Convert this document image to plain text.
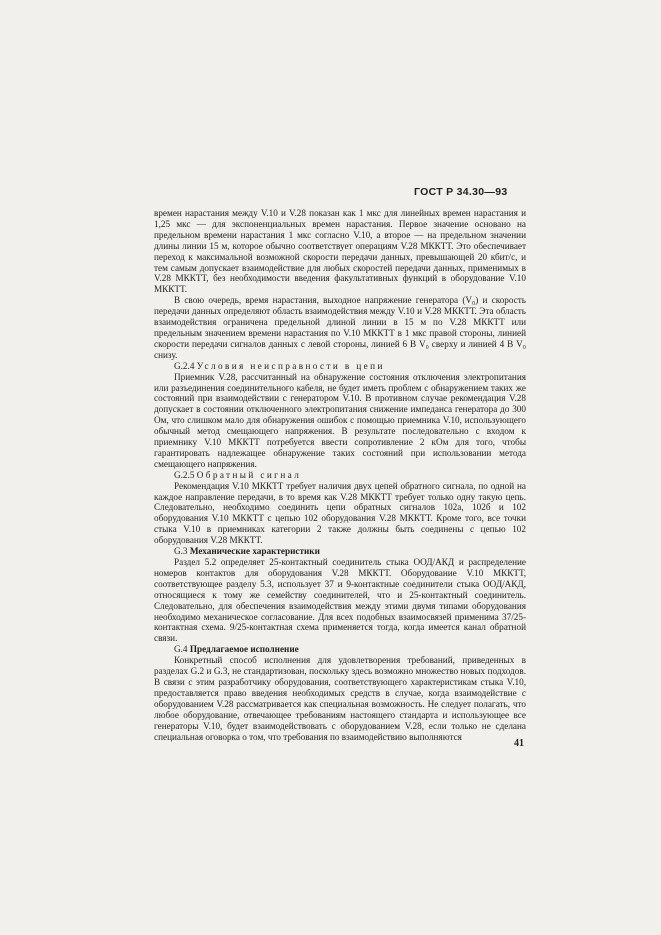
ГОСТ Р 34.30—93

времен нарастания между V.10 и V.28 показан как 1 мкс для линейных времен нарастания и 1,25 мкс — для экспоненциальных времен нарастания. Первое значение основано на предельном времени нарастания 1 мкс согласно V.10, а второе — на предельном значении длины линии 15 м, которое обычно соответствует операциям V.28 МККТТ. Это обеспечивает переход к максимальной возможной скорости передачи данных, превышающей 20 кбит/с, и тем самым допускает взаимодействие для любых скоростей передачи данных, применимых в V.28 МККТТ, без необходимости введения факультативных функций в оборудование V.10 МККТТ.

В свою очередь, время нарастания, выходное напряжение генератора (V₀) и скорость передачи данных определяют область взаимодействия между V.10 и V.28 МККТТ. Эта область взаимодействия ограничена предельной длиной линии в 15 м по V.28 МККТТ или предельным значением времени нарастания по V.10 МККТТ в 1 мкс правой стороны, линией скорости передачи сигналов данных с левой стороны, линией 6 В V₀ сверху и линией 4 В V₀ снизу.

G.2.4 Условия неисправности в цепи

Приемник V.28, рассчитанный на обнаружение состояния отключения электропитания или разъединения соединительного кабеля, не будет иметь проблем с обнаружением таких же состояний при взаимодействии с генератором V.10. В противном случае рекомендация V.28 допускает в состоянии отключенного электропитания снижение импеданса генератора до 300 Ом, что слишком мало для обнаружения ошибок с помощью приемника V.10, использующего обычный метод смещающего напряжения. В результате последовательно с входом к приемнику V.10 МККТТ потребуется ввести сопротивление 2 кОм для того, чтобы гарантировать надлежащее обнаружение таких состояний при использовании метода смещающего напряжения.

G.2.5 Обратный сигнал

Рекомендация V.10 МККТТ требует наличия двух цепей обратного сигнала, по одной на каждое направление передачи, в то время как V.28 МККТТ требует только одну такую цепь. Следовательно, необходимо соединить цепи обратных сигналов 102а, 102б и 102 оборудования V.10 МККТТ с цепью 102 оборудования V.28 МККТТ. Кроме того, все точки стыка V.10 в приемниках категории 2 также должны быть соединены с цепью 102 оборудования V.28 МККТТ.

G.3 Механические характеристики

Раздел 5.2 определяет 25-контактный соединитель стыка ООД/АКД и распределение номеров контактов для оборудования V.28 МККТТ. Оборудование V.10 МККТТ, соответствующее разделу 5.3, использует 37 и 9-контактные соединители стыка ООД/АКД, относящиеся к тому же семейству соединителей, что и 25-контактный соединитель. Следовательно, для обеспечения взаимодействия между этими двумя типами оборудования необходимо механическое согласование. Для всех подобных взаимосвязей применима 37/25-контактная схема. 9/25-контактная схема применяется тогда, когда имеется канал обратной связи.

G.4 Предлагаемое исполнение

Конкретный способ исполнения для удовлетворения требований, приведенных в разделах G.2 и G.3, не стандартизован, поскольку здесь возможно множество новых подходов. В связи с этим разработчику оборудования, соответствующего характеристикам стыка V.10, предоставляется право введения необходимых средств в случае, когда взаимодействие с оборудованием V.28 рассматривается как специальная возможность. Не следует полагать, что любое оборудование, отвечающее требованиям настоящего стандарта и использующее все генераторы V.10, будет взаимодействовать с оборудованием V.28, если только не сделана специальная оговорка о том, что требования по взаимодействию выполняются

41
